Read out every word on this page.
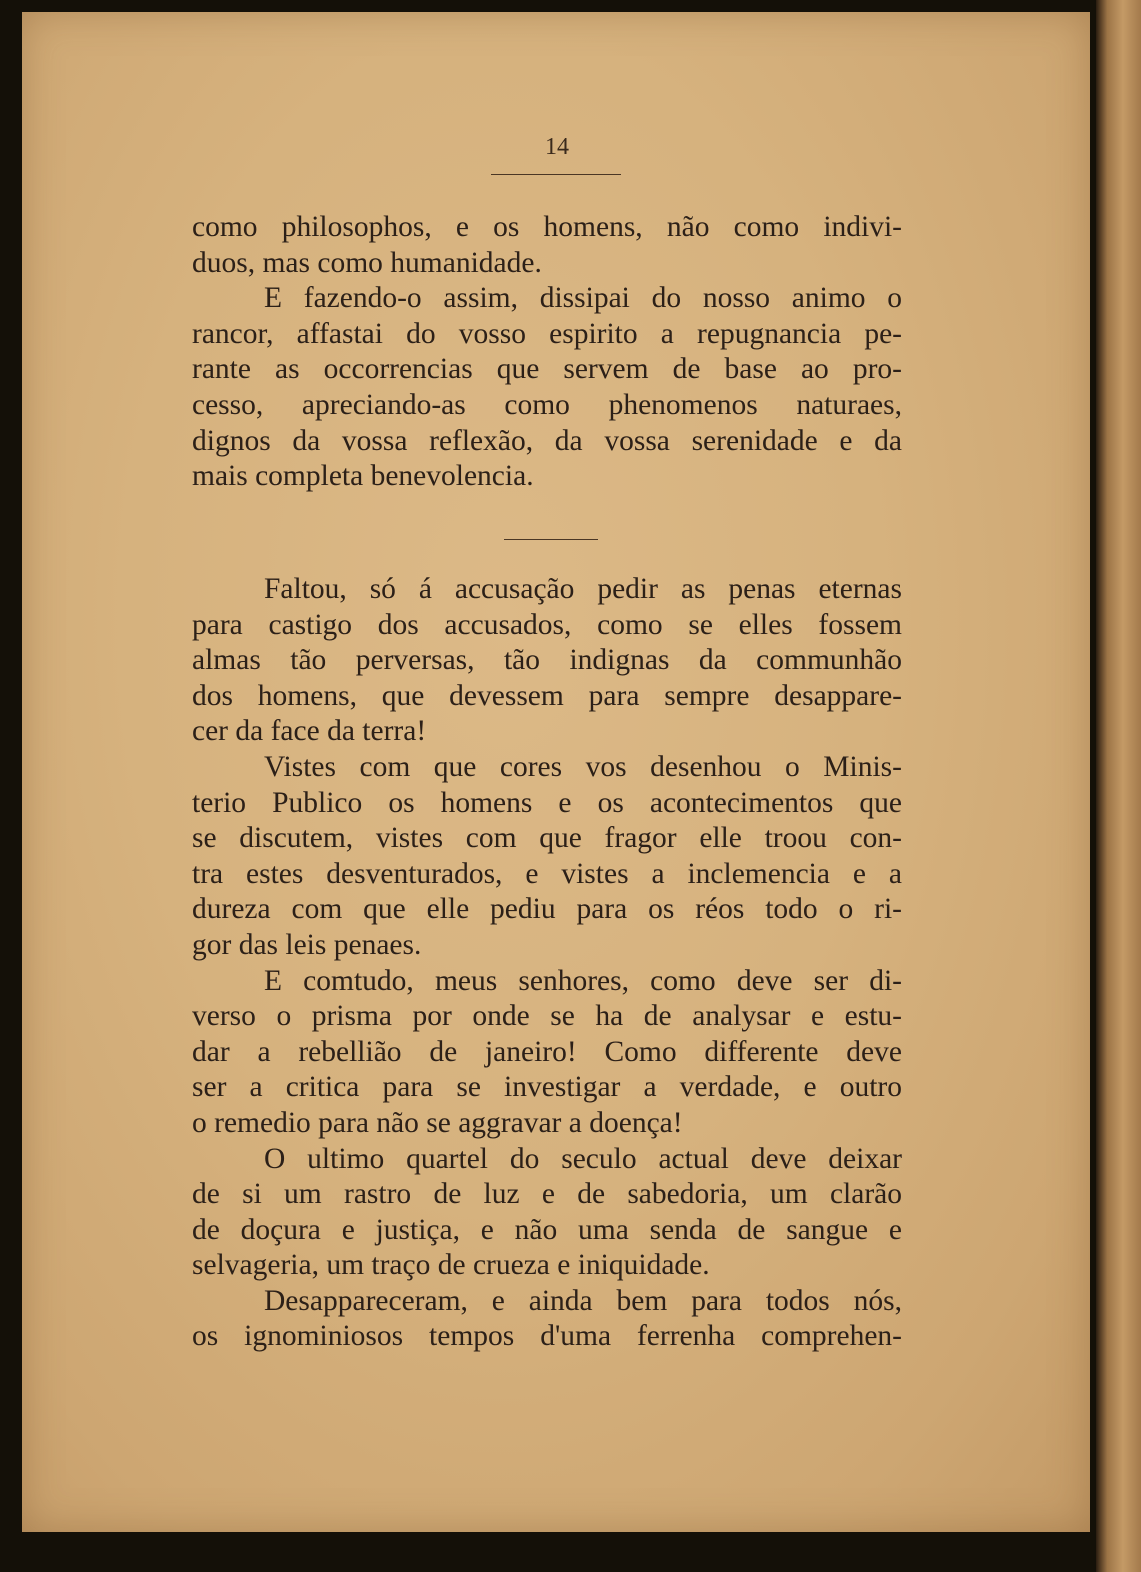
14
como philosophos, e os homens, não como indivi-
duos, mas como humanidade.
E fazendo-o assim, dissipai do nosso animo o
rancor, affastai do vosso espirito a repugnancia pe-
rante as occorrencias que servem de base ao pro-
cesso, apreciando-as como phenomenos naturaes,
dignos da vossa reflexão, da vossa serenidade e da
mais completa benevolencia.
Faltou, só á accusação pedir as penas eternas
para castigo dos accusados, como se elles fossem
almas tão perversas, tão indignas da communhão
dos homens, que devessem para sempre desappare-
cer da face da terra!
Vistes com que cores vos desenhou o Minis-
terio Publico os homens e os acontecimentos que
se discutem, vistes com que fragor elle troou con-
tra estes desventurados, e vistes a inclemencia e a
dureza com que elle pediu para os réos todo o ri-
gor das leis penaes.
E comtudo, meus senhores, como deve ser di-
verso o prisma por onde se ha de analysar e estu-
dar a rebellião de janeiro! Como differente deve
ser a critica para se investigar a verdade, e outro
o remedio para não se aggravar a doença!
O ultimo quartel do seculo actual deve deixar
de si um rastro de luz e de sabedoria, um clarão
de doçura e justiça, e não uma senda de sangue e
selvageria, um traço de crueza e iniquidade.
Desappareceram, e ainda bem para todos nós,
os ignominiosos tempos d'uma ferrenha comprehen-
